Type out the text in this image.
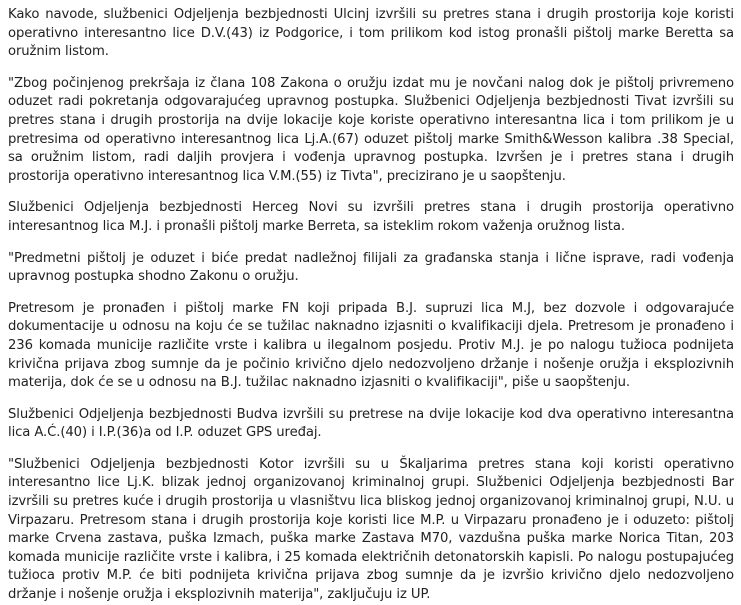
Kako navode, službenici Odjeljenja bezbjednosti Ulcinj izvršili su pretres stana i drugih prostorija koje koristi operativno interesantno lice D.V.(43) iz Podgorice, i tom prilikom kod istog pronašli pištolj marke Beretta sa oružnim listom.

"Zbog počinjenog prekršaja iz člana 108 Zakona o oružju izdat mu je novčani nalog dok je pištolj privremeno oduzet radi pokretanja odgovarajućeg upravnog postupka. Službenici Odjeljenja bezbjednosti Tivat izvršili su pretres stana i drugih prostorija na dvije lokacije koje koriste operativno interesantna lica i tom prilikom je u pretresima od operativno interesantnog lica Lj.A.(67) oduzet pištolj marke Smith&Wesson kalibra .38 Special, sa oružnim listom, radi daljih provjera i vođenja upravnog postupka. Izvršen je i pretres stana i drugih prostorija operativno interesantnog lica V.M.(55) iz Tivta", precizirano je u saopštenju.

Službenici Odjeljenja bezbjednosti Herceg Novi su izvršili pretres stana i drugih prostorija operativno interesantnog lica M.J. i pronašli pištolj marke Berreta, sa isteklim rokom važenja oružnog lista.

"Predmetni pištolj je oduzet i biće predat nadležnoj filijali za građanska stanja i lične isprave, radi vođenja upravnog postupka shodno Zakonu o oružju.

Pretresom je pronađen i pištolj marke FN koji pripada B.J. supruzi lica M.J, bez dozvole i odgovarajuće dokumentacije u odnosu na koju će se tužilac naknadno izjasniti o kvalifikaciji djela. Pretresom je pronađeno i 236 komada municije različite vrste i kalibra u ilegalnom posjedu. Protiv M.J. je po nalogu tužioca podnijeta krivična prijava zbog sumnje da je počinio krivično djelo nedozvoljeno držanje i nošenje oružja i eksplozivnih materija, dok će se u odnosu na B.J. tužilac naknadno izjasniti o kvalifikaciji", piše u saopštenju.

Službenici Odjeljenja bezbjednosti Budva izvršili su pretrese na dvije lokacije kod dva operativno interesantna lica A.Ć.(40) i I.P.(36)a od I.P. oduzet GPS uređaj.

"Službenici Odjeljenja bezbjednosti Kotor izvršili su u Škaljarima pretres stana koji koristi operativno interesantno lice Lj.K. blizak jednoj organizovanoj kriminalnoj grupi. Službenici Odjeljenja bezbjednosti Bar izvršili su pretres kuće i drugih prostorija u vlasništvu lica bliskog jednoj organizovanoj kriminalnoj grupi, N.U. u Virpazaru. Pretresom stana i drugih prostorija koje koristi lice M.P. u Virpazaru pronađeno je i oduzeto: pištolj marke Crvena zastava, puška Izmach, puška marke Zastava M70, vazdušna puška marke Norica Titan, 203 komada municije različite vrste i kalibra, i 25 komada električnih detonatorskih kapisli. Po nalogu postupajućeg tužioca protiv M.P. će biti podnijeta krivična prijava zbog sumnje da je izvršio krivično djelo nedozvoljeno držanje i nošenje oružja i eksplozivnih materija", zaključuju iz UP.
